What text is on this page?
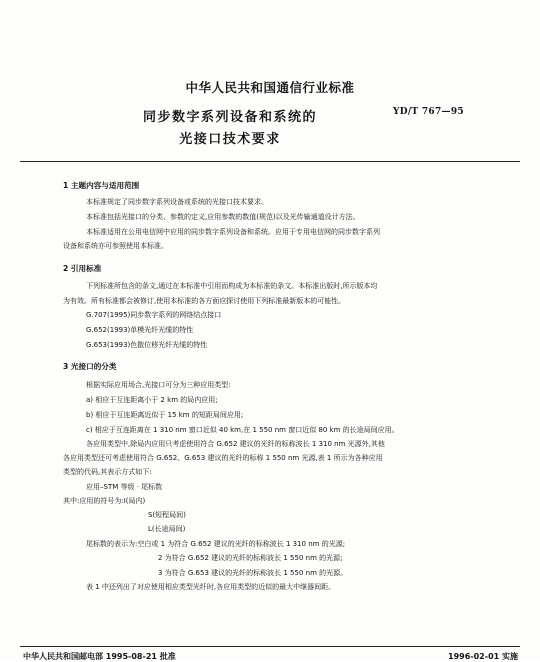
中华人民共和国通信行业标准
同步数字系列设备和系统的
光接口技术要求
YD/T 767—95
1 主题内容与适用范围
本标准规定了同步数字系列设备或系统的光接口技术要求。
本标准包括光接口的分类、参数的定义,应用参数的数值(规范)以及光传输通道设计方法。
本标准适用在公用电信网中应用的同步数字系列设备和系统。应用于专用电信网的同步数字系列
设备和系统亦可参照使用本标准。
2 引用标准
下列标准所包含的条文,通过在本标准中引用而构成为本标准的条文。本标准出版时,所示版本均
为有效。所有标准都会被修订,使用本标准的各方面应探讨使用下列标准最新版本的可能性。
G.707(1995)同步数字系列的网络结点接口
G.652(1993)单模光纤光缆的特性
G.653(1993)色散位移光纤光缆的特性
3 光接口的分类
根据实际应用场合,光接口可分为三种应用类型:
a) 相应于互连距离小于 2 km 的局内应用;
b) 相应于互连距离近似于 15 km 的短距局间应用;
c) 相应于互连距离在 1 310 nm 窗口近似 40 km,在 1 550 nm 窗口近似 80 km 的长途局间应用。
各应用类型中,除局内应用只考虑使用符合 G.652 建议的光纤的标称波长 1 310 nm 光源外,其他
各应用类型还可考虑使用符合 G.652、G.653 建议的光纤的标称 1 550 nm 光源,表 1 所示为各种应用
类型的代码,其表示方式如下:
应用–STM 等级 · 尾标数
其中:应用的符号为:I(局内)
S(短程局间)
L(长途局间)
尾标数的表示为:空白或 1 为符合 G.652 建议的光纤的标称波长 1 310 nm 的光源;
2 为符合 G.652 建议的光纤的标称波长 1 550 nm 的光源;
3 为符合 G.653 建议的光纤的标称波长 1 550 nm 的光源。
表 1 中还列出了对应使用相应类型光纤时,各应用类型的近似的最大中继器间距。
中华人民共和国邮电部 1995-08-21 批准	1996-02-01 实施
